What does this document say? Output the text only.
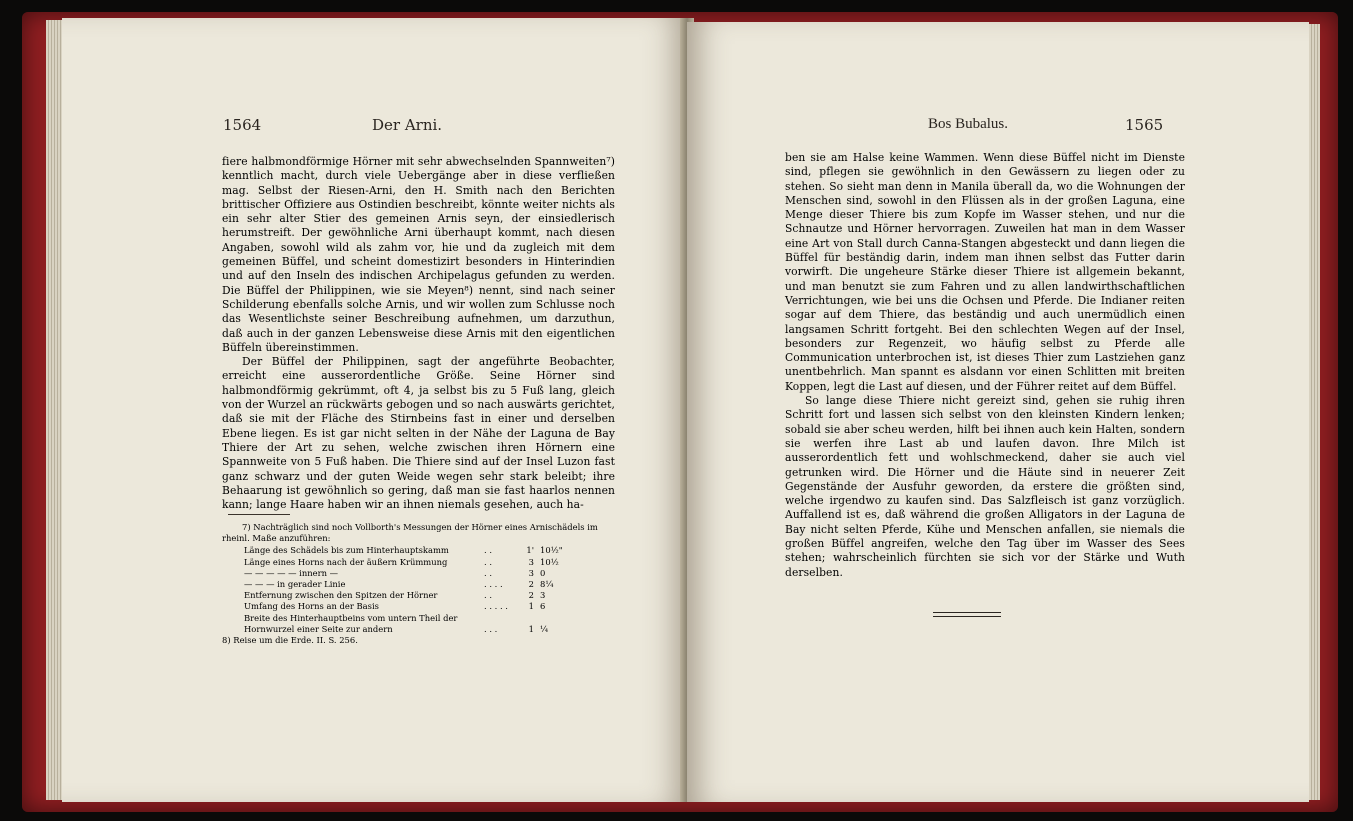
1564	Der Arni.

fiere halbmondförmige Hörner mit sehr abwechselnden Spannweiten⁷) kenntlich macht, durch viele Uebergänge aber in diese verfließen mag. Selbst der Riesen-Arni, den H. Smith nach den Berichten brittischer Offiziere aus Ostindien beschreibt, könnte weiter nichts als ein sehr alter Stier des gemeinen Arnis seyn, der einsiedlerisch herumstreift. Der gewöhnliche Arni überhaupt kommt, nach diesen Angaben, sowohl wild als zahm vor, hie und da zugleich mit dem gemeinen Büffel, und scheint domestizirt besonders in Hinterindien und auf den Inseln des indischen Archipelagus gefunden zu werden. Die Büffel der Philippinen, wie sie Meyen⁸) nennt, sind nach seiner Schilderung ebenfalls solche Arnis, und wir wollen zum Schlusse noch das Wesentlichste seiner Beschreibung aufnehmen, um darzuthun, daß auch in der ganzen Lebensweise diese Arnis mit den eigentlichen Büffeln übereinstimmen.

Der Büffel der Philippinen, sagt der angeführte Beobachter, erreicht eine ausserordentliche Größe. Seine Hörner sind halbmondförmig gekrümmt, oft 4, ja selbst bis zu 5 Fuß lang, gleich von der Wurzel an rückwärts gebogen und so nach auswärts gerichtet, daß sie mit der Fläche des Stirnbeins fast in einer und derselben Ebene liegen. Es ist gar nicht selten in der Nähe der Laguna de Bay Thiere der Art zu sehen, welche zwischen ihren Hörnern eine Spannweite von 5 Fuß haben. Die Thiere sind auf der Insel Luzon fast ganz schwarz und der guten Weide wegen sehr stark beleibt; ihre Behaarung ist gewöhnlich so gering, daß man sie fast haarlos nennen kann; lange Haare haben wir an ihnen niemals gesehen, auch ha-

7) Nachträglich sind noch Vollborth's Messungen der Hörner eines Arnischädels im rheinl. Maße anzuführen:

Länge des Schädels bis zum Hinterhauptskamm	. .	1' 10½"
Länge eines Horns nach der äußern Krümmung	. .	3 10½
— — — — — innern —	. .	3 0
— — — in gerader Linie	. . . .	2 8¼
Entfernung zwischen den Spitzen der Hörner	. .	2 3
Umfang des Horns an der Basis	. . . . .	1 6
Breite des Hinterhauptbeins vom untern Theil der
Hornwurzel einer Seite zur andern	. . .	1 ¼

8) Reise um die Erde. II. S. 256.

Bos Bubalus.	1565

ben sie am Halse keine Wammen. Wenn diese Büffel nicht im Dienste sind, pflegen sie gewöhnlich in den Gewässern zu liegen oder zu stehen. So sieht man denn in Manila überall da, wo die Wohnungen der Menschen sind, sowohl in den Flüssen als in der großen Laguna, eine Menge dieser Thiere bis zum Kopfe im Wasser stehen, und nur die Schnautze und Hörner hervorragen. Zuweilen hat man in dem Wasser eine Art von Stall durch Canna-Stangen abgesteckt und dann liegen die Büffel für beständig darin, indem man ihnen selbst das Futter darin vorwirft. Die ungeheure Stärke dieser Thiere ist allgemein bekannt, und man benutzt sie zum Fahren und zu allen landwirthschaftlichen Verrichtungen, wie bei uns die Ochsen und Pferde. Die Indianer reiten sogar auf dem Thiere, das beständig und auch unermüdlich einen langsamen Schritt fortgeht. Bei den schlechten Wegen auf der Insel, besonders zur Regenzeit, wo häufig selbst zu Pferde alle Communication unterbrochen ist, ist dieses Thier zum Lastziehen ganz unentbehrlich. Man spannt es alsdann vor einen Schlitten mit breiten Koppen, legt die Last auf diesen, und der Führer reitet auf dem Büffel.

So lange diese Thiere nicht gereizt sind, gehen sie ruhig ihren Schritt fort und lassen sich selbst von den kleinsten Kindern lenken; sobald sie aber scheu werden, hilft bei ihnen auch kein Halten, sondern sie werfen ihre Last ab und laufen davon. Ihre Milch ist ausserordentlich fett und wohlschmeckend, daher sie auch viel getrunken wird. Die Hörner und die Häute sind in neuerer Zeit Gegenstände der Ausfuhr geworden, da erstere die größten sind, welche irgendwo zu kaufen sind. Das Salzfleisch ist ganz vorzüglich. Auffallend ist es, daß während die großen Alligators in der Laguna de Bay nicht selten Pferde, Kühe und Menschen anfallen, sie niemals die großen Büffel angreifen, welche den Tag über im Wasser des Sees stehen; wahrscheinlich fürchten sie sich vor der Stärke und Wuth derselben.
